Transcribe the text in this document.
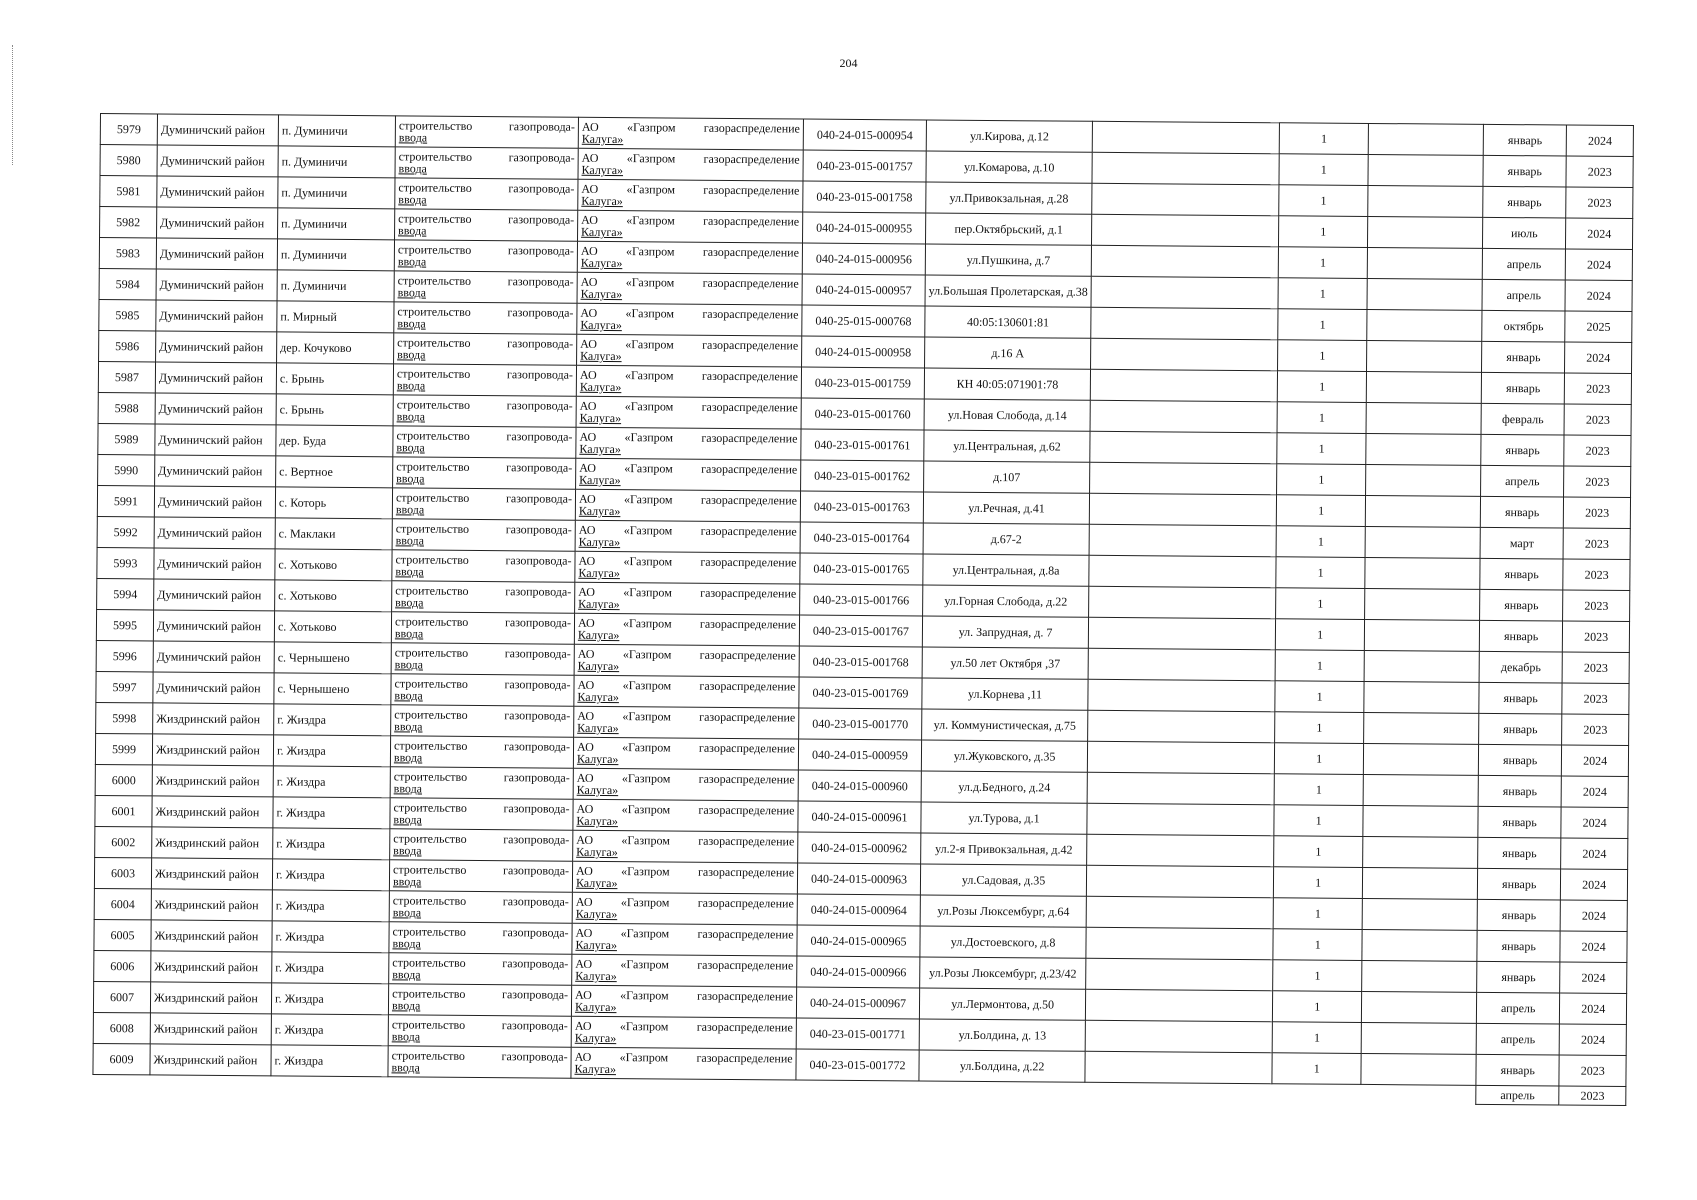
204
5979	Думиничский район	п. Думиничи	строительство газопровода-
ввода	АО «Газпром газораспределение
Калуга»	040-24-015-000954	ул.Кирова, д.12		1		январь	2024
5980	Думиничский район	п. Думиничи	строительство газопровода-
ввода	АО «Газпром газораспределение
Калуга»	040-23-015-001757	ул.Комарова, д.10		1		январь	2023
5981	Думиничский район	п. Думиничи	строительство газопровода-
ввода	АО «Газпром газораспределение
Калуга»	040-23-015-001758	ул.Привокзальная, д.28		1		январь	2023
5982	Думиничский район	п. Думиничи	строительство газопровода-
ввода	АО «Газпром газораспределение
Калуга»	040-24-015-000955	пер.Октябрьский, д.1		1		июль	2024
5983	Думиничский район	п. Думиничи	строительство газопровода-
ввода	АО «Газпром газораспределение
Калуга»	040-24-015-000956	ул.Пушкина, д.7		1		апрель	2024
5984	Думиничский район	п. Думиничи	строительство газопровода-
ввода	АО «Газпром газораспределение
Калуга»	040-24-015-000957	ул.Большая Пролетарская, д.38		1		апрель	2024
5985	Думиничский район	п. Мирный	строительство газопровода-
ввода	АО «Газпром газораспределение
Калуга»	040-25-015-000768	40:05:130601:81		1		октябрь	2025
5986	Думиничский район	дер. Кочуково	строительство газопровода-
ввода	АО «Газпром газораспределение
Калуга»	040-24-015-000958	д.16 А		1		январь	2024
5987	Думиничский район	с. Брынь	строительство газопровода-
ввода	АО «Газпром газораспределение
Калуга»	040-23-015-001759	КН 40:05:071901:78		1		январь	2023
5988	Думиничский район	с. Брынь	строительство газопровода-
ввода	АО «Газпром газораспределение
Калуга»	040-23-015-001760	ул.Новая Слобода, д.14		1		февраль	2023
5989	Думиничский район	дер. Буда	строительство газопровода-
ввода	АО «Газпром газораспределение
Калуга»	040-23-015-001761	ул.Центральная, д.62		1		январь	2023
5990	Думиничский район	с. Вертное	строительство газопровода-
ввода	АО «Газпром газораспределение
Калуга»	040-23-015-001762	д.107		1		апрель	2023
5991	Думиничский район	с. Которь	строительство газопровода-
ввода	АО «Газпром газораспределение
Калуга»	040-23-015-001763	ул.Речная, д.41		1		январь	2023
5992	Думиничский район	с. Маклаки	строительство газопровода-
ввода	АО «Газпром газораспределение
Калуга»	040-23-015-001764	д.67-2		1		март	2023
5993	Думиничский район	с. Хотьково	строительство газопровода-
ввода	АО «Газпром газораспределение
Калуга»	040-23-015-001765	ул.Центральная, д.8а		1		январь	2023
5994	Думиничский район	с. Хотьково	строительство газопровода-
ввода	АО «Газпром газораспределение
Калуга»	040-23-015-001766	ул.Горная Слобода, д.22		1		январь	2023
5995	Думиничский район	с. Хотьково	строительство газопровода-
ввода	АО «Газпром газораспределение
Калуга»	040-23-015-001767	ул. Запрудная, д. 7		1		январь	2023
5996	Думиничский район	с. Чернышено	строительство газопровода-
ввода	АО «Газпром газораспределение
Калуга»	040-23-015-001768	ул.50 лет Октября ,37		1		декабрь	2023
5997	Думиничский район	с. Чернышено	строительство газопровода-
ввода	АО «Газпром газораспределение
Калуга»	040-23-015-001769	ул.Корнева ,11		1		январь	2023
5998	Жиздринский район	г. Жиздра	строительство газопровода-
ввода	АО «Газпром газораспределение
Калуга»	040-23-015-001770	ул. Коммунистическая, д.75		1		январь	2023
5999	Жиздринский район	г. Жиздра	строительство газопровода-
ввода	АО «Газпром газораспределение
Калуга»	040-24-015-000959	ул.Жуковского, д.35		1		январь	2024
6000	Жиздринский район	г. Жиздра	строительство газопровода-
ввода	АО «Газпром газораспределение
Калуга»	040-24-015-000960	ул.д.Бедного, д.24		1		январь	2024
6001	Жиздринский район	г. Жиздра	строительство газопровода-
ввода	АО «Газпром газораспределение
Калуга»	040-24-015-000961	ул.Турова, д.1		1		январь	2024
6002	Жиздринский район	г. Жиздра	строительство газопровода-
ввода	АО «Газпром газораспределение
Калуга»	040-24-015-000962	ул.2-я Привокзальная, д.42		1		январь	2024
6003	Жиздринский район	г. Жиздра	строительство газопровода-
ввода	АО «Газпром газораспределение
Калуга»	040-24-015-000963	ул.Садовая, д.35		1		январь	2024
6004	Жиздринский район	г. Жиздра	строительство газопровода-
ввода	АО «Газпром газораспределение
Калуга»	040-24-015-000964	ул.Розы Люксембург, д.64		1		январь	2024
6005	Жиздринский район	г. Жиздра	строительство газопровода-
ввода	АО «Газпром газораспределение
Калуга»	040-24-015-000965	ул.Достоевского, д.8		1		январь	2024
6006	Жиздринский район	г. Жиздра	строительство газопровода-
ввода	АО «Газпром газораспределение
Калуга»	040-24-015-000966	ул.Розы Люксембург, д.23/42		1		январь	2024
6007	Жиздринский район	г. Жиздра	строительство газопровода-
ввода	АО «Газпром газораспределение
Калуга»	040-24-015-000967	ул.Лермонтова, д.50		1		апрель	2024
6008	Жиздринский район	г. Жиздра	строительство газопровода-
ввода	АО «Газпром газораспределение
Калуга»	040-23-015-001771	ул.Болдина, д. 13		1		апрель	2024
6009	Жиздринский район	г. Жиздра	строительство газопровода-
ввода	АО «Газпром газораспределение
Калуга»	040-23-015-001772	ул.Болдина, д.22		1		январь	2023
										апрель	2023
